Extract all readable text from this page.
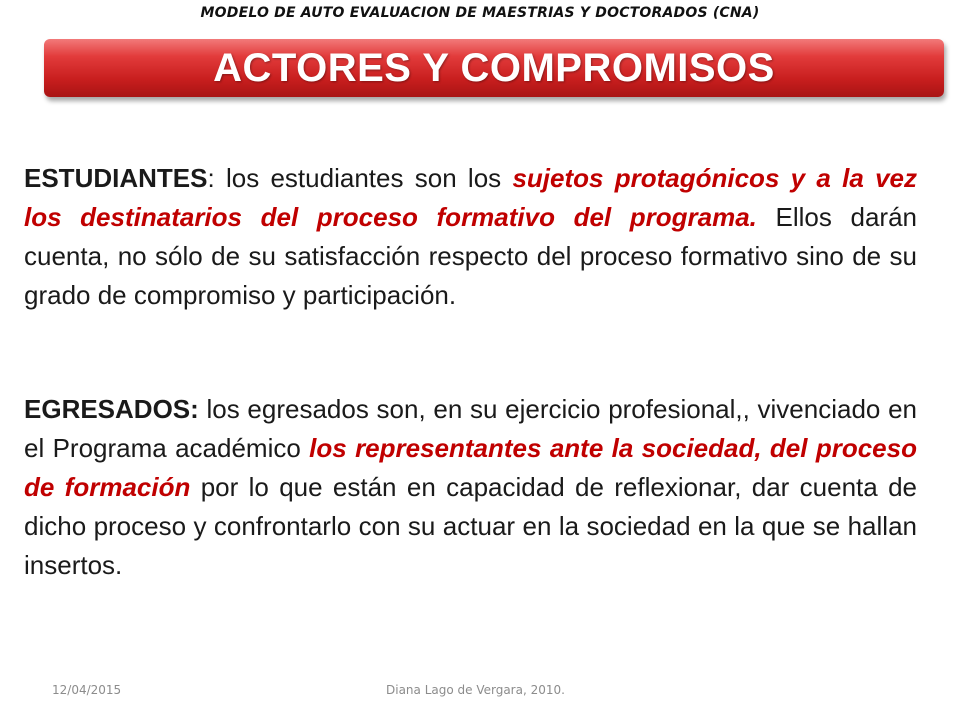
MODELO DE AUTO EVALUACION DE MAESTRIAS Y DOCTORADOS (CNA)
ACTORES Y COMPROMISOS
ESTUDIANTES: los estudiantes son los sujetos protagónicos y a la vez los destinatarios del proceso formativo del programa. Ellos darán cuenta, no sólo de su satisfacción respecto del proceso formativo sino de su grado de compromiso y participación.
EGRESADOS: los egresados son, en su ejercicio profesional,, vivenciado en el Programa académico los representantes ante la sociedad, del proceso de formación por lo que están en capacidad de reflexionar, dar cuenta de dicho proceso y confrontarlo con su actuar en la sociedad en la que se hallan insertos.
12/04/2015	Diana Lago de Vergara, 2010.
